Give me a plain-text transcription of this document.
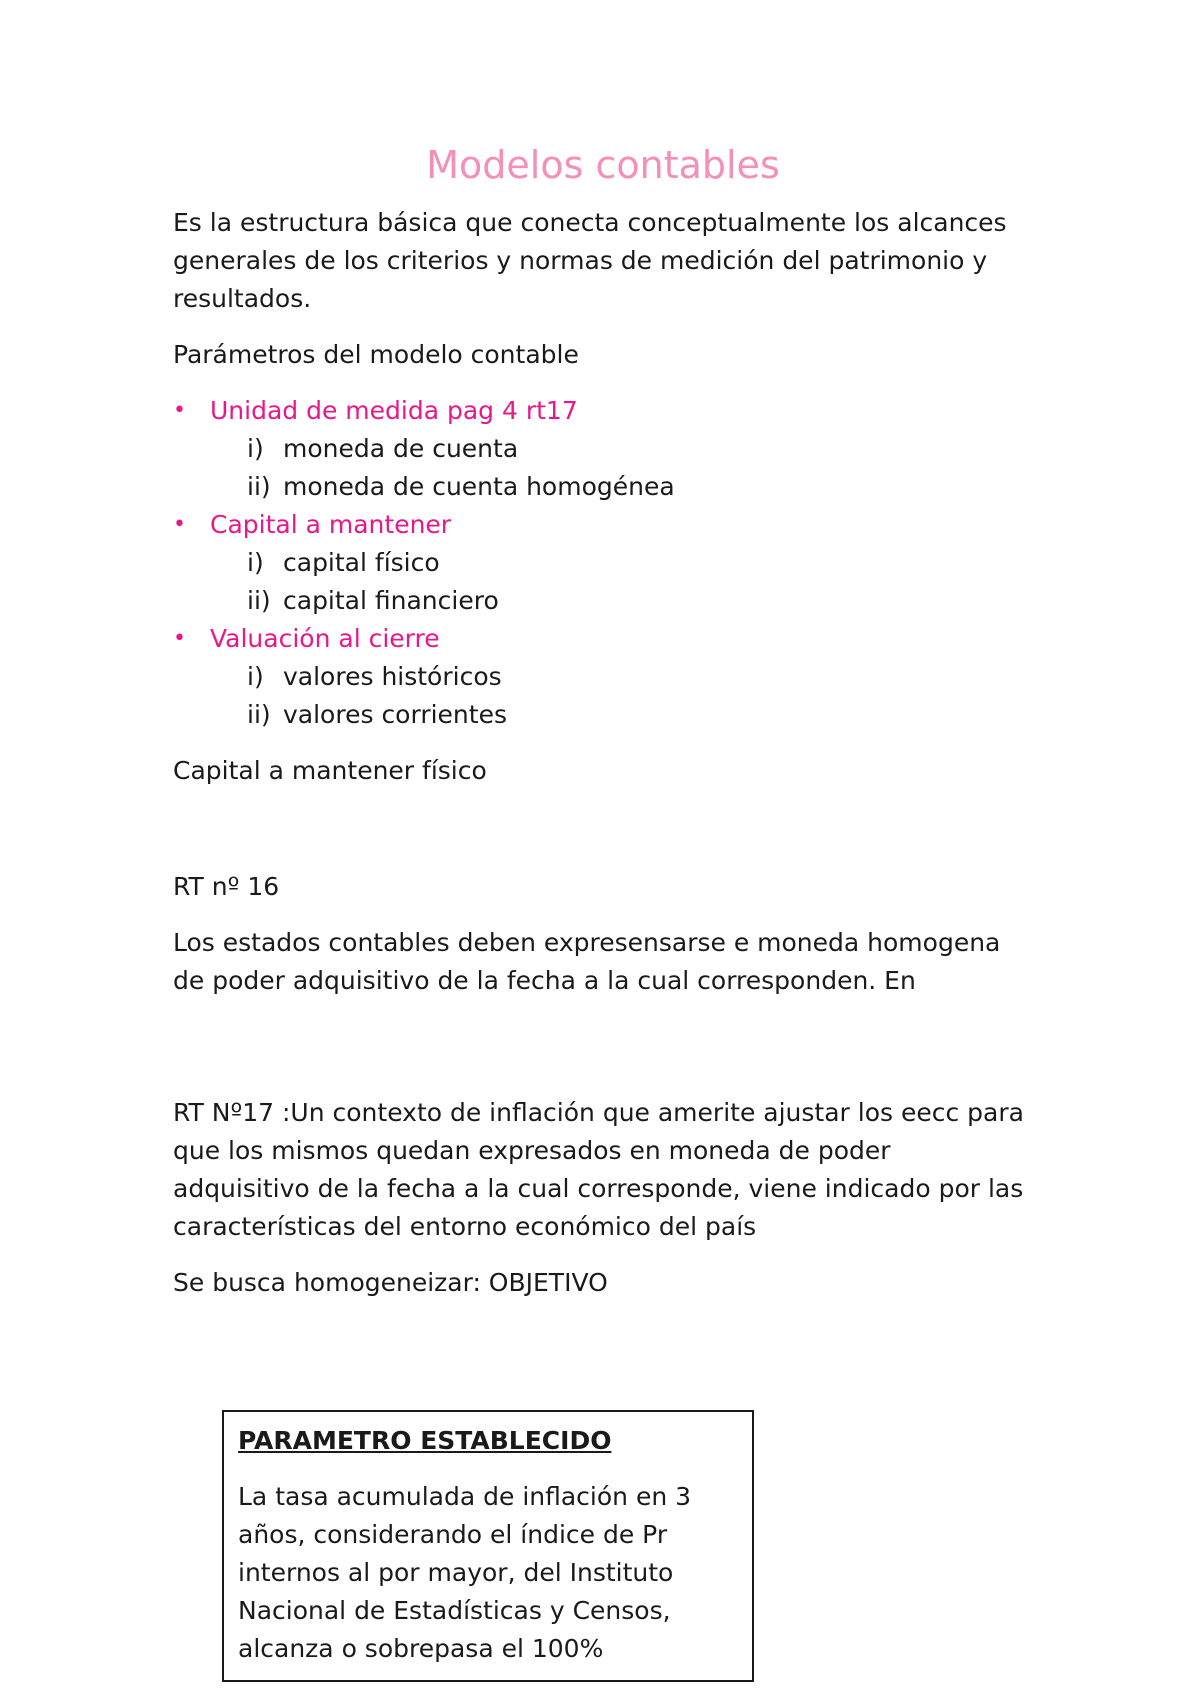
Modelos contables

Es la estructura básica que conecta conceptualmente los alcances generales de los criterios y normas de medición del patrimonio y resultados.

Parámetros del modelo contable

• Unidad de medida pag 4 rt17
i) moneda de cuenta
ii) moneda de cuenta homogénea
• Capital a mantener
i) capital físico
ii) capital financiero
• Valuación al cierre
i) valores históricos
ii) valores corrientes

Capital a mantener físico

RT nº 16

Los estados contables deben expresensarse e moneda homogena de poder adquisitivo de la fecha a la cual corresponden. En

RT Nº17 :Un contexto de inflación que amerite ajustar los eecc para que los mismos quedan expresados en moneda de poder adquisitivo de la fecha a la cual corresponde, viene indicado por las características del entorno económico del país

Se busca homogeneizar: OBJETIVO

PARAMETRO ESTABLECIDO

La tasa acumulada de inflación en 3 años, considerando el índice de Pr internos al por mayor, del Instituto Nacional de Estadísticas y Censos, alcanza o sobrepasa el 100%
